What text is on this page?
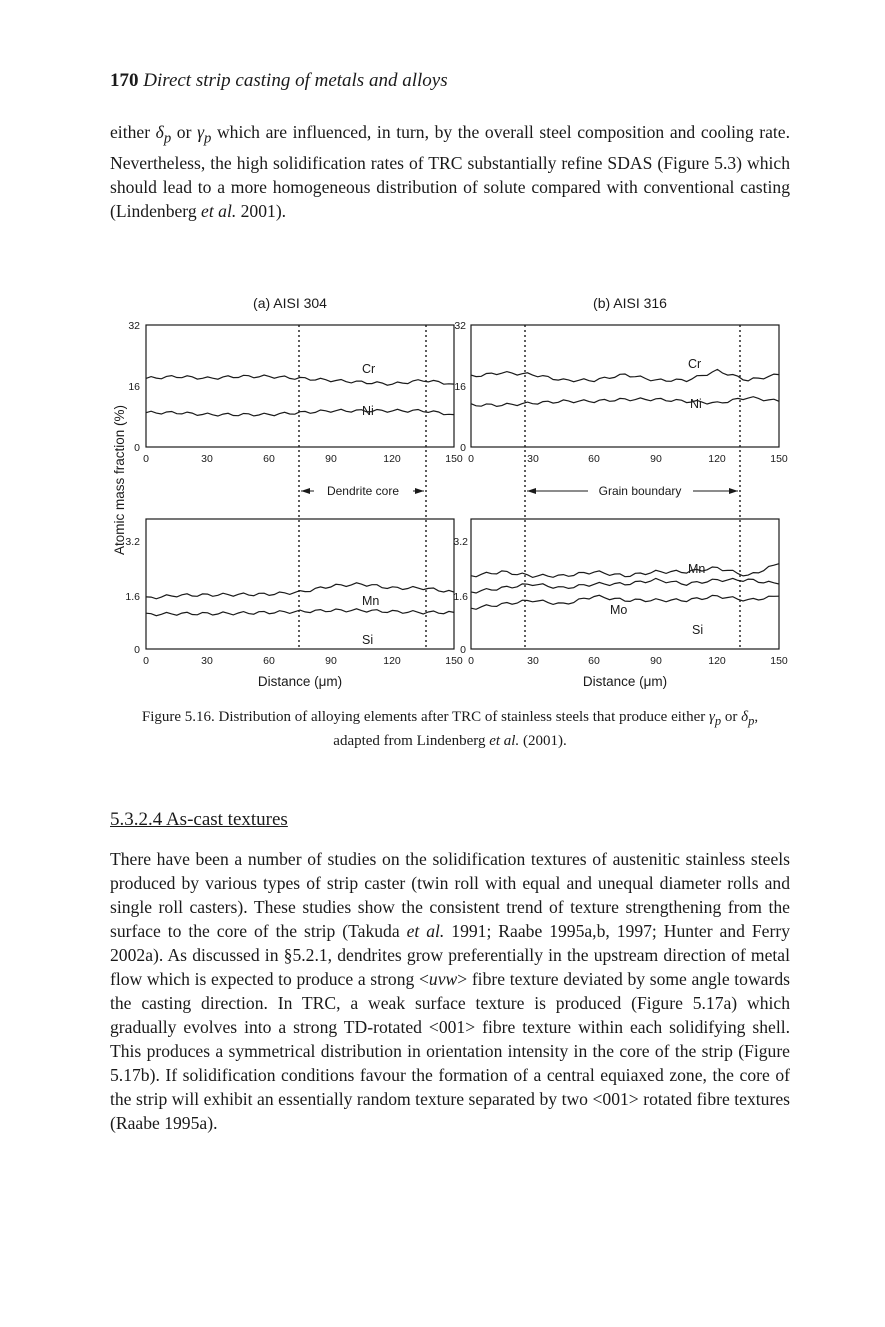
170 Direct strip casting of metals and alloys

either $\delta_p$ or $\gamma_p$ which are influenced, in turn, by the overall steel composition and cooling rate. Nevertheless, the high solidification rates of TRC substantially refine SDAS (Figure 5.3) which should lead to a more homogeneous distribution of solute compared with conventional casting (Lindenberg et al. 2001).

(a) AISI 304	(b) AISI 316
Atomic mass fraction (%)
32
16
0
32
16
0
3.2
1.6
0
3.2
1.6
0
0	30	60	90	120	150 0	30	60	90	120	150
0	30	60	90	120	150 0	30	60	90	120	150
Distance (μm)	Distance (μm)
Dendrite core	Grain boundary
Cr
Ni
Cr
Ni
Mn
Si
Mn
Mo
Si
Figure 5.16. Distribution of alloying elements after TRC of stainless steels that produce either $\gamma_p$ or $\delta_p$, adapted from Lindenberg et al. (2001).
5.3.2.4 As-cast textures

There have been a number of studies on the solidification textures of austenitic stainless steels produced by various types of strip caster (twin roll with equal and unequal diameter rolls and single roll casters). These studies show the consistent trend of texture strengthening from the surface to the core of the strip (Takuda et al. 1991; Raabe 1995a,b, 1997; Hunter and Ferry 2002a). As discussed in §5.2.1, dendrites grow preferentially in the upstream direction of metal flow which is expected to produce a strong <uvw> fibre texture deviated by some angle towards the casting direction. In TRC, a weak surface texture is produced (Figure 5.17a) which gradually evolves into a strong TD-rotated <001> fibre texture within each solidifying shell. This produces a symmetrical distribution in orientation intensity in the core of the strip (Figure 5.17b). If solidification conditions favour the formation of a central equiaxed zone, the core of the strip will exhibit an essentially random texture separated by two <001> rotated fibre textures (Raabe 1995a).
